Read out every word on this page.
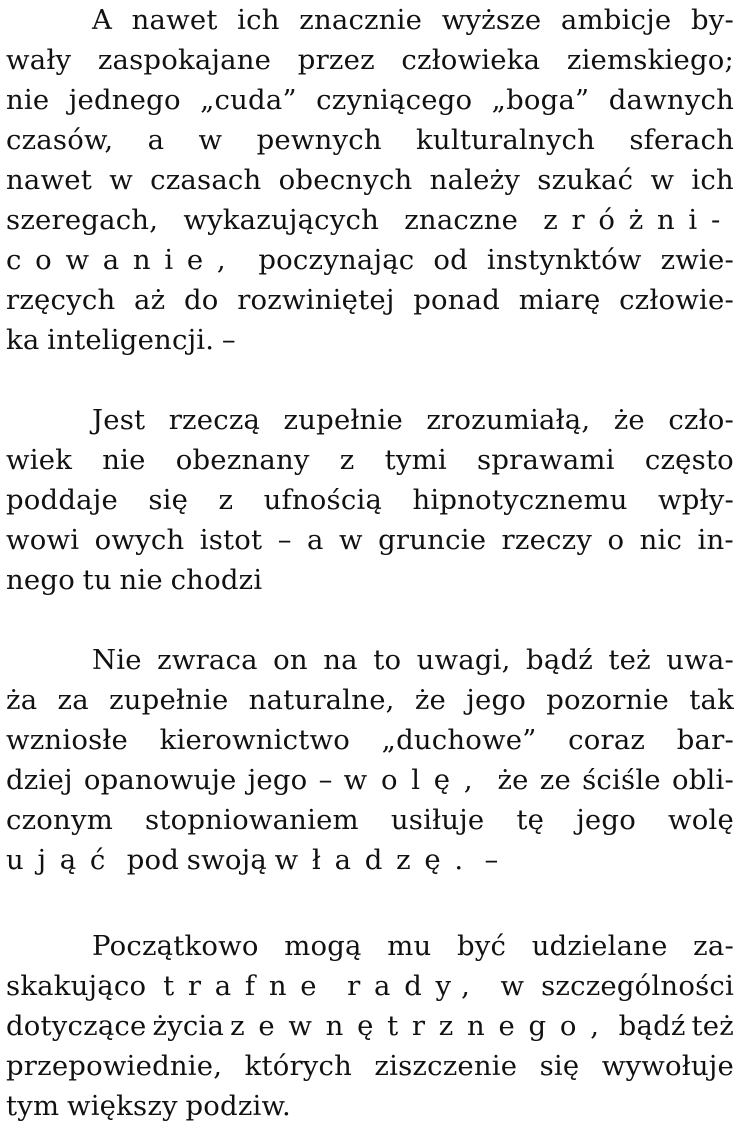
A nawet ich znacznie wyższe ambicje by-
wały zaspokajane przez człowieka ziemskiego;
nie jednego „cuda” czyniącego „boga” dawnych
czasów, a w pewnych kulturalnych sferach
nawet w czasach obecnych należy szukać w ich
szeregach, wykazujących znaczne zróżni-
cowanie, poczynając od instynktów zwie-
rzęcych aż do rozwiniętej ponad miarę człowie-
ka inteligencji. –
Jest rzeczą zupełnie zrozumiałą, że czło-
wiek nie obeznany z tymi sprawami często
poddaje się z ufnością hipnotycznemu wpły-
wowi owych istot – a w gruncie rzeczy o nic in-
nego tu nie chodzi
Nie zwraca on na to uwagi, bądź też uwa-
ża za zupełnie naturalne, że jego pozornie tak
wzniosłe kierownictwo „duchowe” coraz bar-
dziej opanowuje jego – wolę, że ze ściśle obli-
czonym stopniowaniem usiłuje tę jego wolę
ująć pod swoją władzę. –
Początkowo mogą mu być udzielane za-
skakująco trafne rady, w szczególności
dotyczące życia zewnętrznego, bądź też
przepowiednie, których ziszczenie się wywołuje
tym większy podziw.
